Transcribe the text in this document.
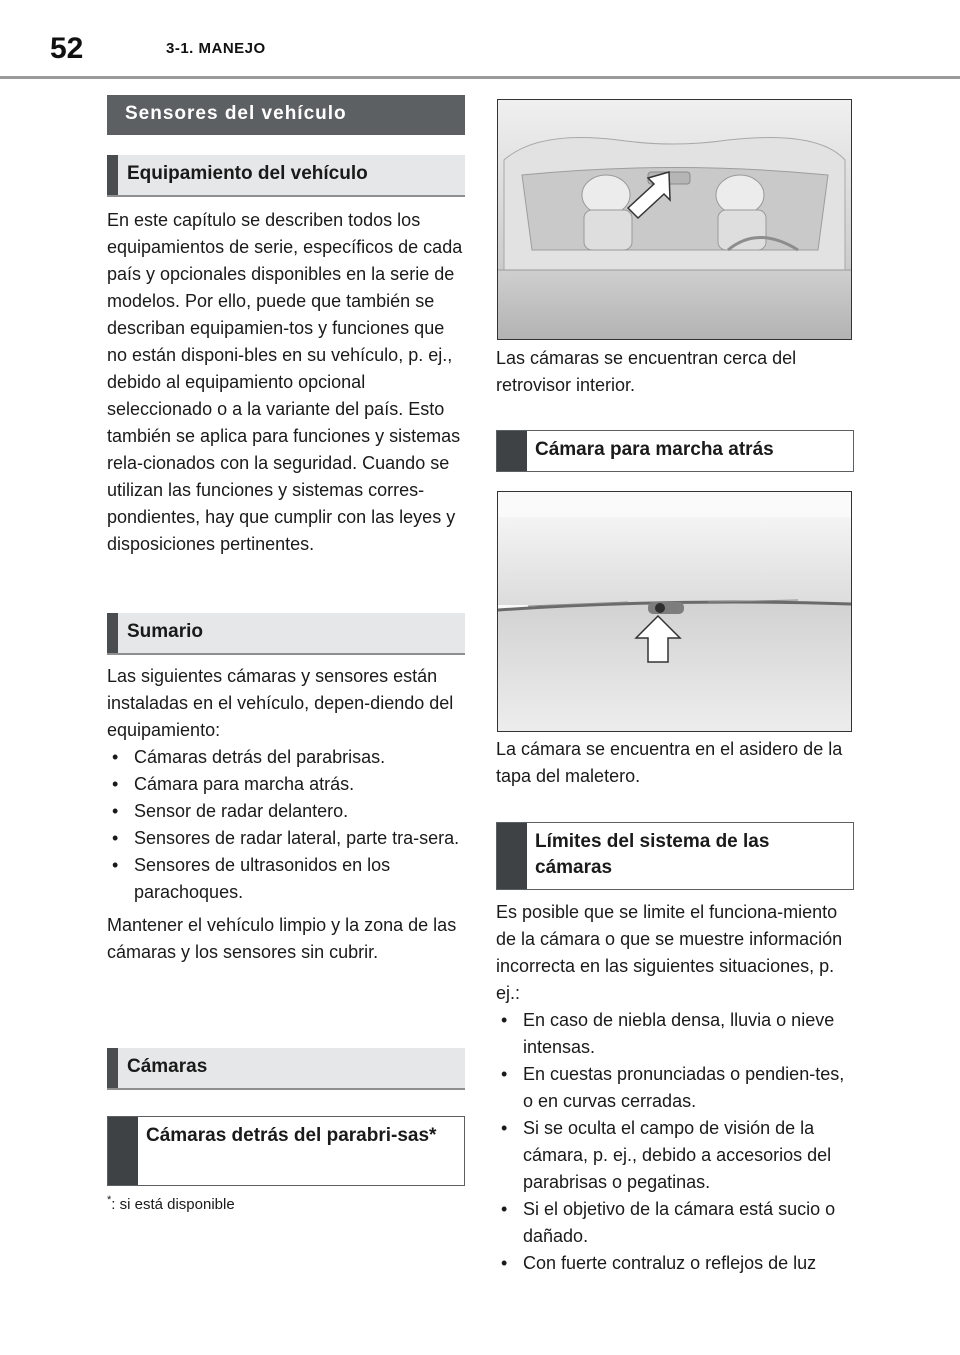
52	3-1. MANEJO
Sensores del vehículo
Equipamiento del vehículo

En este capítulo se describen todos los equipamientos de serie, específicos de cada país y opcionales disponibles en la serie de modelos. Por ello, puede que también se describan equipamien-tos y funciones que no están disponi-bles en su vehículo, p. ej., debido al equipamiento opcional seleccionado o a la variante del país. Esto también se aplica para funciones y sistemas rela-cionados con la seguridad. Cuando se utilizan las funciones y sistemas corres-pondientes, hay que cumplir con las leyes y disposiciones pertinentes.

Sumario

Las siguientes cámaras y sensores están instaladas en el vehículo, depen-diendo del equipamiento:

• Cámaras detrás del parabrisas.
• Cámara para marcha atrás.
• Sensor de radar delantero.
• Sensores de radar lateral, parte tra-sera.
• Sensores de ultrasonidos en los parachoques.

Mantener el vehículo limpio y la zona de las cámaras y los sensores sin cubrir.

Cámaras
Cámaras detrás del parabri-sas*
*: si está disponible

Las cámaras se encuentran cerca del retrovisor interior.

Cámara para marcha atrás

La cámara se encuentra en el asidero de la tapa del maletero.

Límites del sistema de las cámaras

Es posible que se limite el funciona-miento de la cámara o que se muestre información incorrecta en las siguientes situaciones, p. ej.:

• En caso de niebla densa, lluvia o nieve intensas.
• En cuestas pronunciadas o pendien-tes, o en curvas cerradas.
• Si se oculta el campo de visión de la cámara, p. ej., debido a accesorios del parabrisas o pegatinas.
• Si el objetivo de la cámara está sucio o dañado.
• Con fuerte contraluz o reflejos de luz
